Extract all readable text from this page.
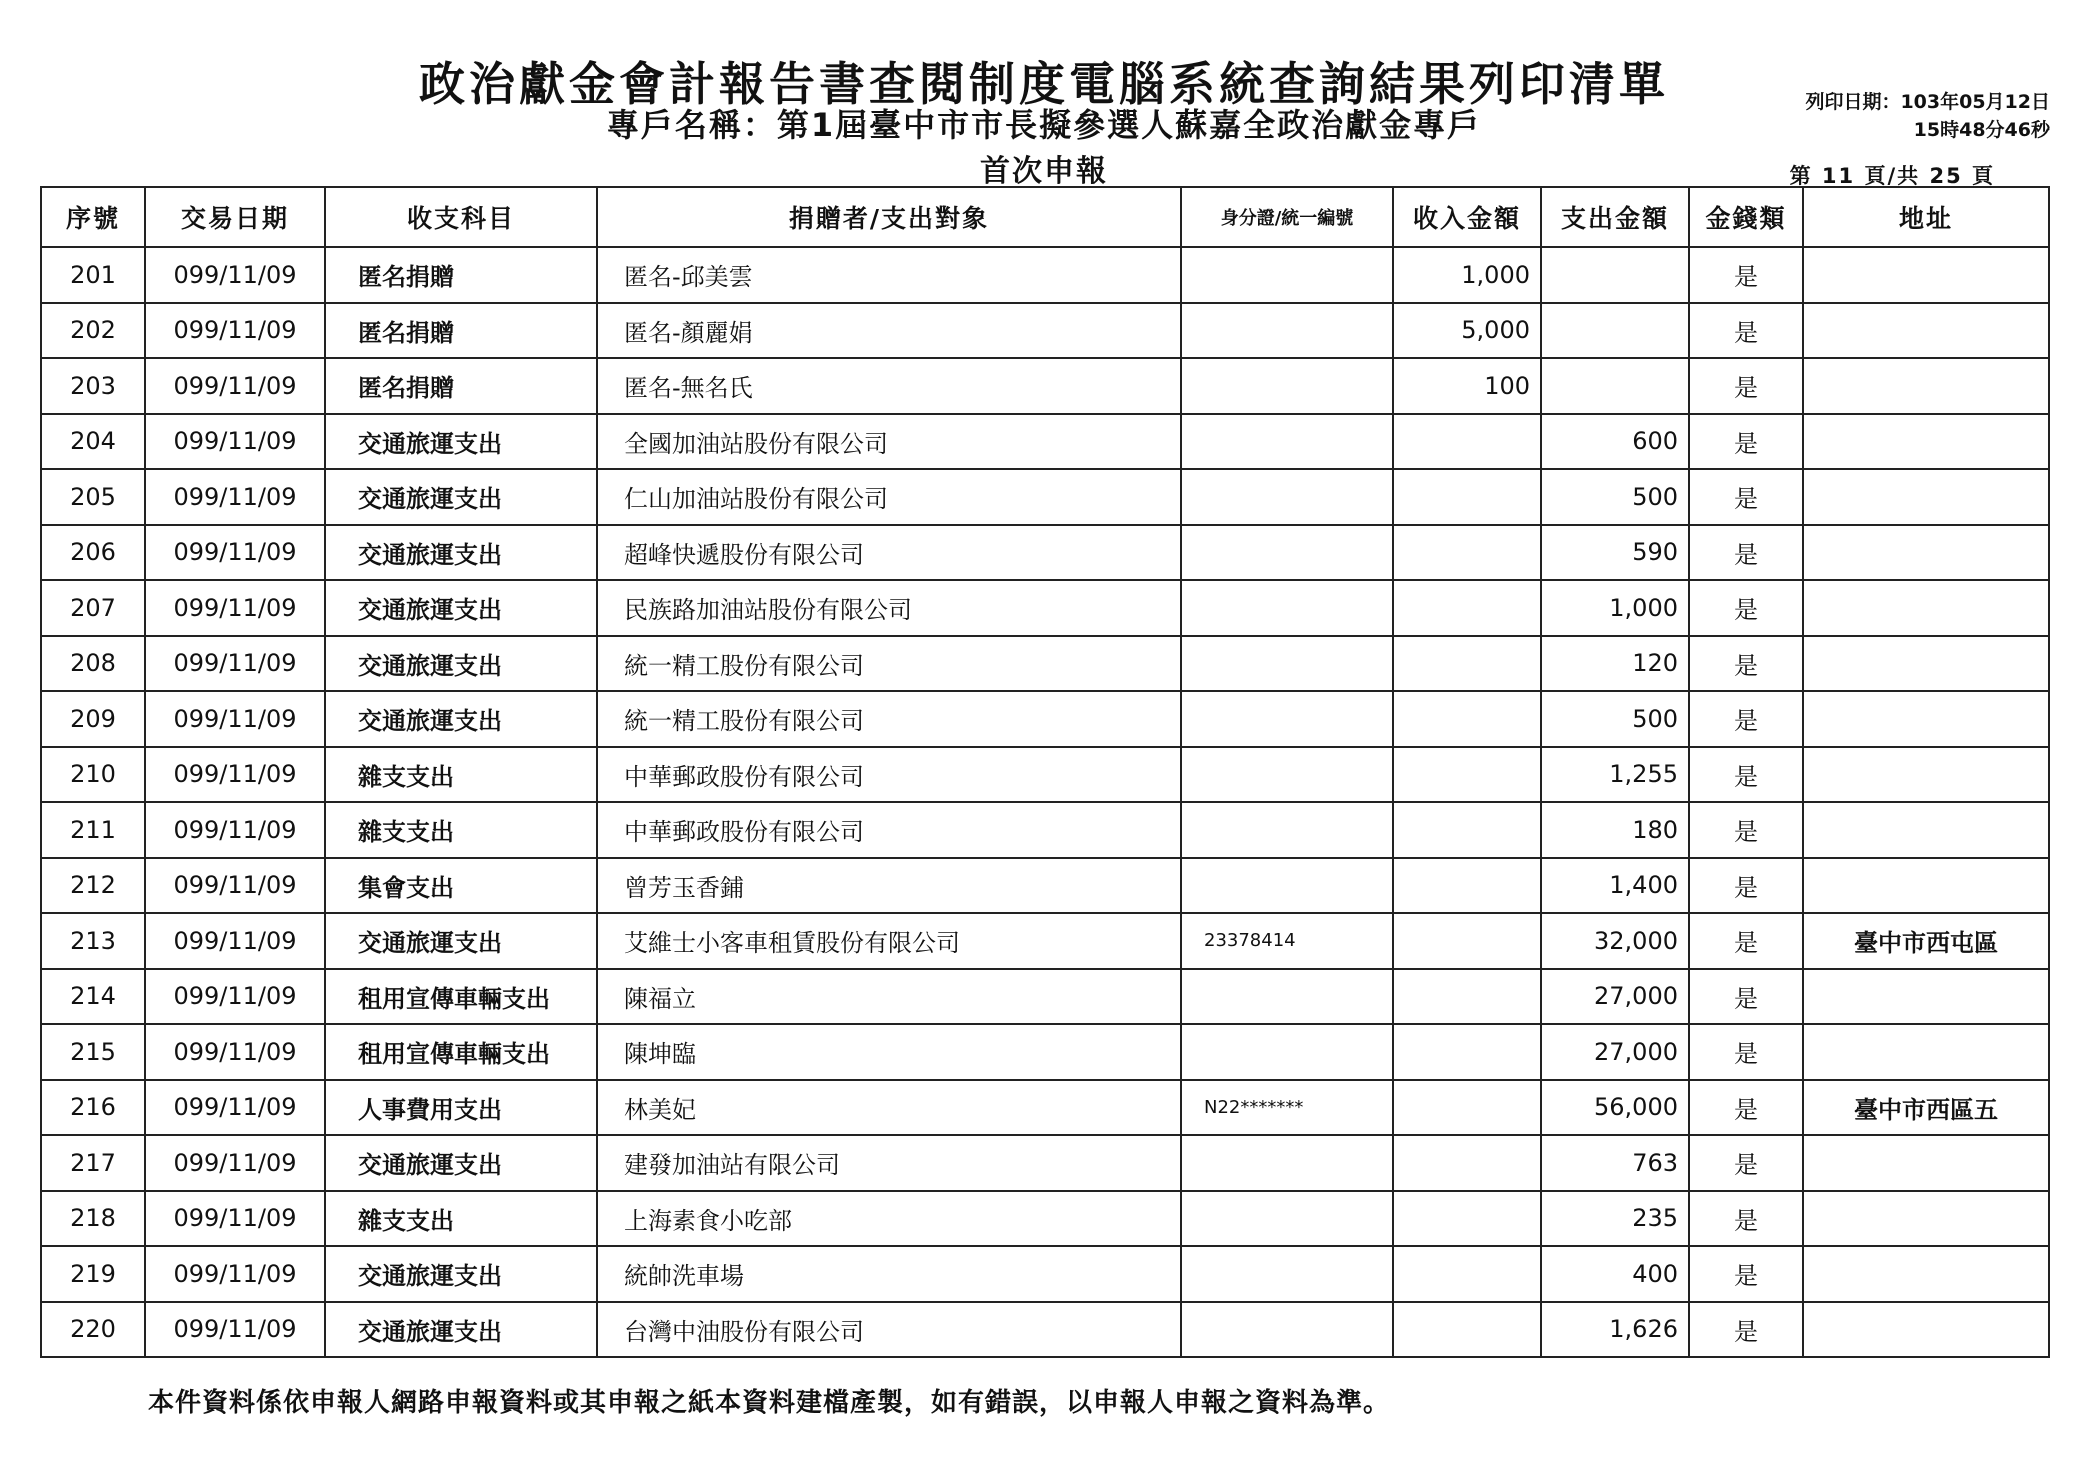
政治獻金會計報告書查閱制度電腦系統查詢結果列印清單
專戶名稱：第1屆臺中市市長擬參選人蘇嘉全政治獻金專戶
首次申報
列印日期：103年05月12日
15時48分46秒
第 11 頁/共 25 頁
序號	交易日期	收支科目	捐贈者/支出對象	身分證/統一編號	收入金額	支出金額	金錢類	地址
201	099/11/09	匿名捐贈	匿名-邱美雲		1,000		是	
202	099/11/09	匿名捐贈	匿名-顏麗娟		5,000		是	
203	099/11/09	匿名捐贈	匿名-無名氏		100		是	
204	099/11/09	交通旅運支出	全國加油站股份有限公司			600	是	
205	099/11/09	交通旅運支出	仁山加油站股份有限公司			500	是	
206	099/11/09	交通旅運支出	超峰快遞股份有限公司			590	是	
207	099/11/09	交通旅運支出	民族路加油站股份有限公司			1,000	是	
208	099/11/09	交通旅運支出	統一精工股份有限公司			120	是	
209	099/11/09	交通旅運支出	統一精工股份有限公司			500	是	
210	099/11/09	雜支支出	中華郵政股份有限公司			1,255	是	
211	099/11/09	雜支支出	中華郵政股份有限公司			180	是	
212	099/11/09	集會支出	曾芳玉香鋪			1,400	是	
213	099/11/09	交通旅運支出	艾維士小客車租賃股份有限公司	23378414		32,000	是	臺中市西屯區
214	099/11/09	租用宣傳車輛支出	陳福立			27,000	是	
215	099/11/09	租用宣傳車輛支出	陳坤臨			27,000	是	
216	099/11/09	人事費用支出	林美妃	N22*******		56,000	是	臺中市西區五
217	099/11/09	交通旅運支出	建發加油站有限公司			763	是	
218	099/11/09	雜支支出	上海素食小吃部			235	是	
219	099/11/09	交通旅運支出	統帥洗車場			400	是	
220	099/11/09	交通旅運支出	台灣中油股份有限公司			1,626	是	
本件資料係依申報人網路申報資料或其申報之紙本資料建檔產製，如有錯誤，以申報人申報之資料為準。
